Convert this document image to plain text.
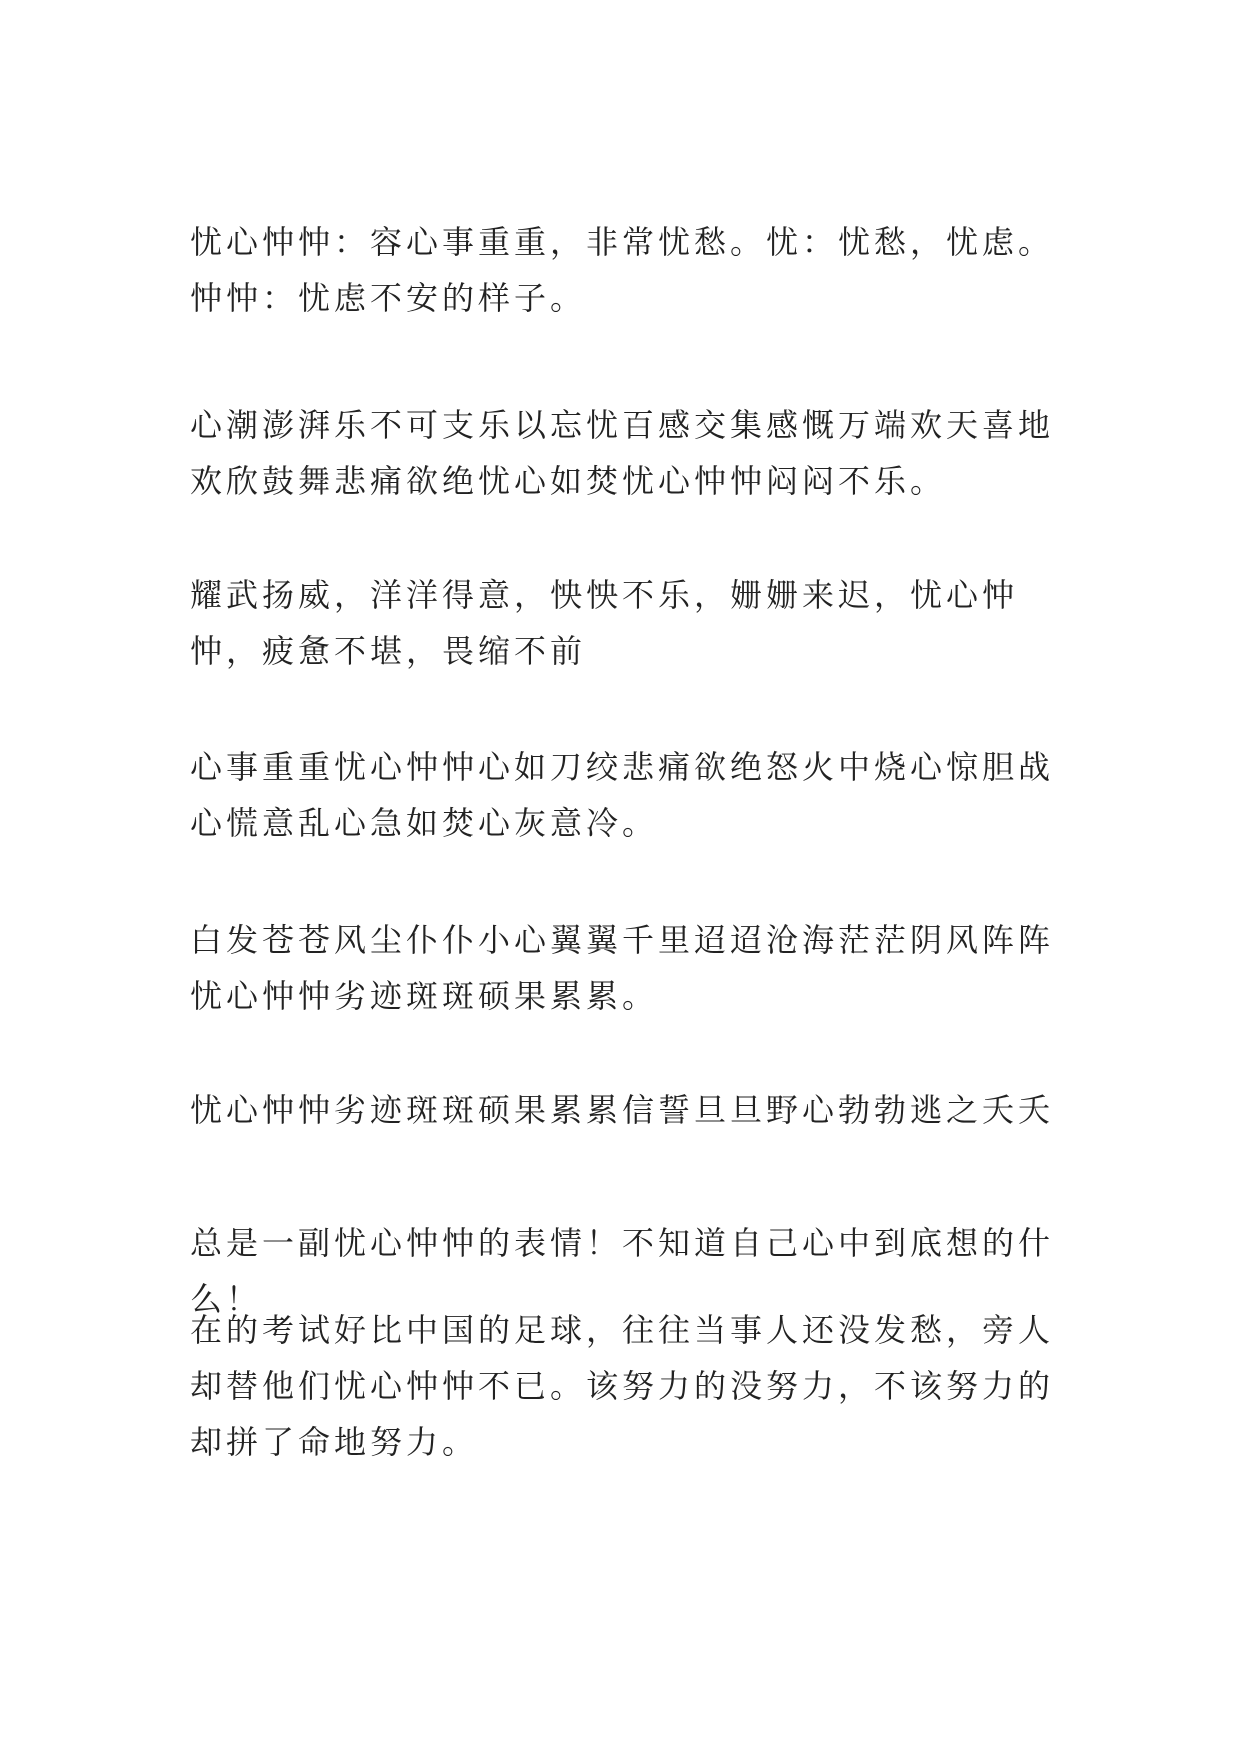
忧心忡忡：容心事重重，非常忧愁。忧：忧愁，忧虑。忡忡：忧虑不安的样子。

心潮澎湃乐不可支乐以忘忧百感交集感慨万端欢天喜地欢欣鼓舞悲痛欲绝忧心如焚忧心忡忡闷闷不乐。

耀武扬威，洋洋得意，怏怏不乐，姗姗来迟，忧心忡忡，疲惫不堪，畏缩不前

心事重重忧心忡忡心如刀绞悲痛欲绝怒火中烧心惊胆战心慌意乱心急如焚心灰意冷。

白发苍苍风尘仆仆小心翼翼千里迢迢沧海茫茫阴风阵阵忧心忡忡劣迹斑斑硕果累累。

忧心忡忡劣迹斑斑硕果累累信誓旦旦野心勃勃逃之夭夭

总是一副忧心忡忡的表情！不知道自己心中到底想的什么！

在的考试好比中国的足球，往往当事人还没发愁，旁人却替他们忧心忡忡不已。该努力的没努力，不该努力的却拼了命地努力。
